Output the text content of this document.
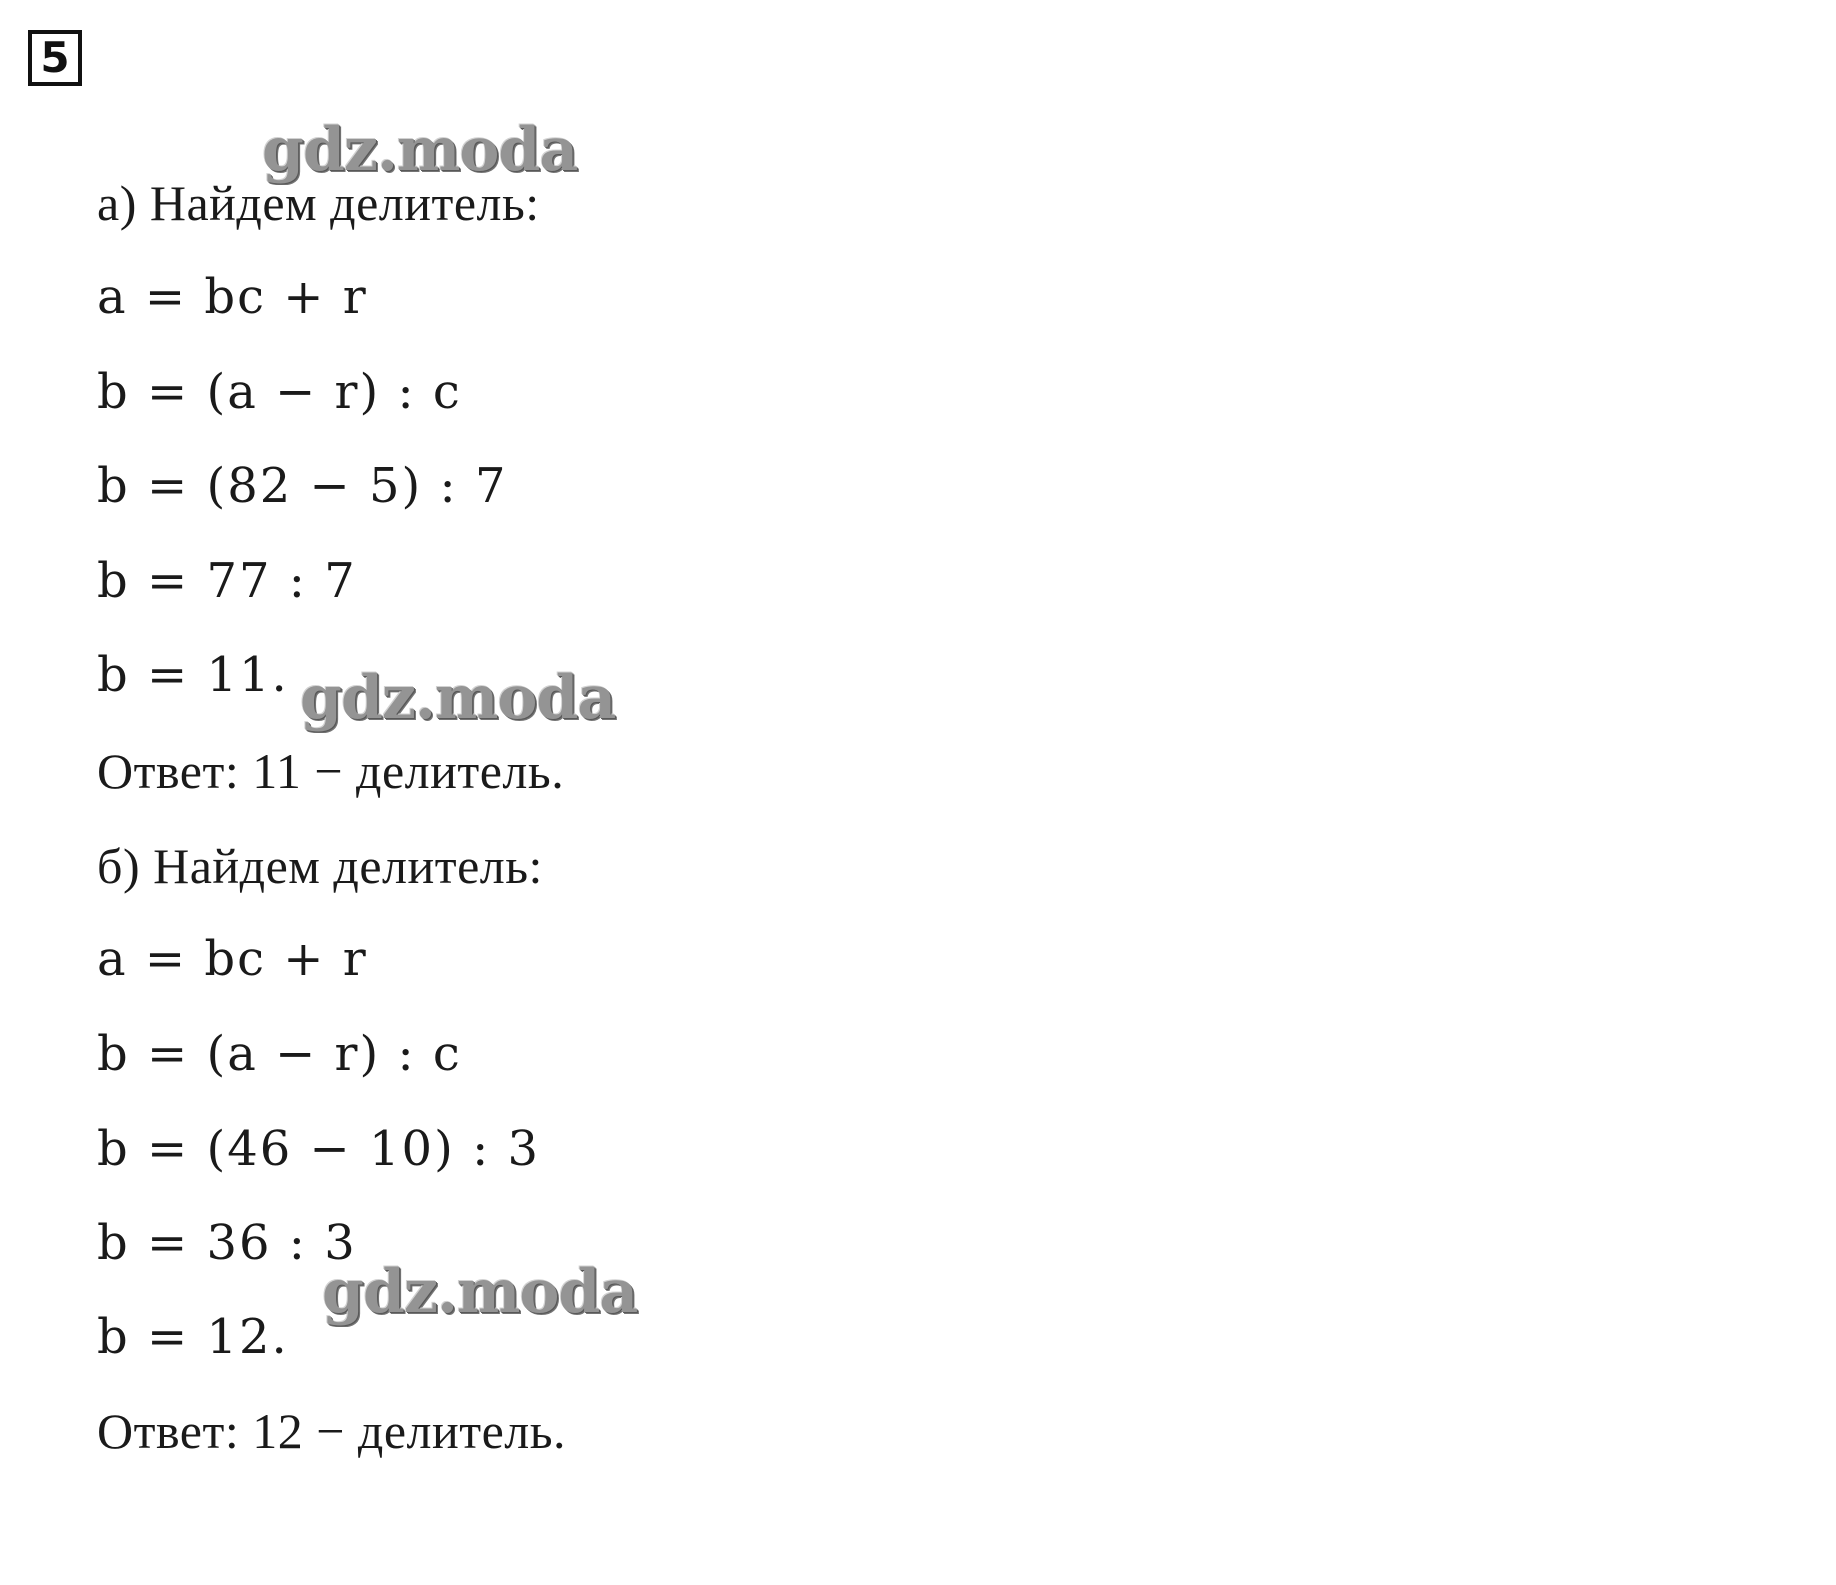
5
а) Найдем делитель:
a = bc + r
b = (a − r) : c
b = (82 − 5) : 7
b = 77 : 7
b = 11.
Ответ: 11 − делитель.
б) Найдем делитель:
a = bc + r
b = (a − r) : c
b = (46 − 10) : 3
b = 36 : 3
b = 12.
Ответ: 12 − делитель.
gdz.moda
gdz.moda
gdz.moda
